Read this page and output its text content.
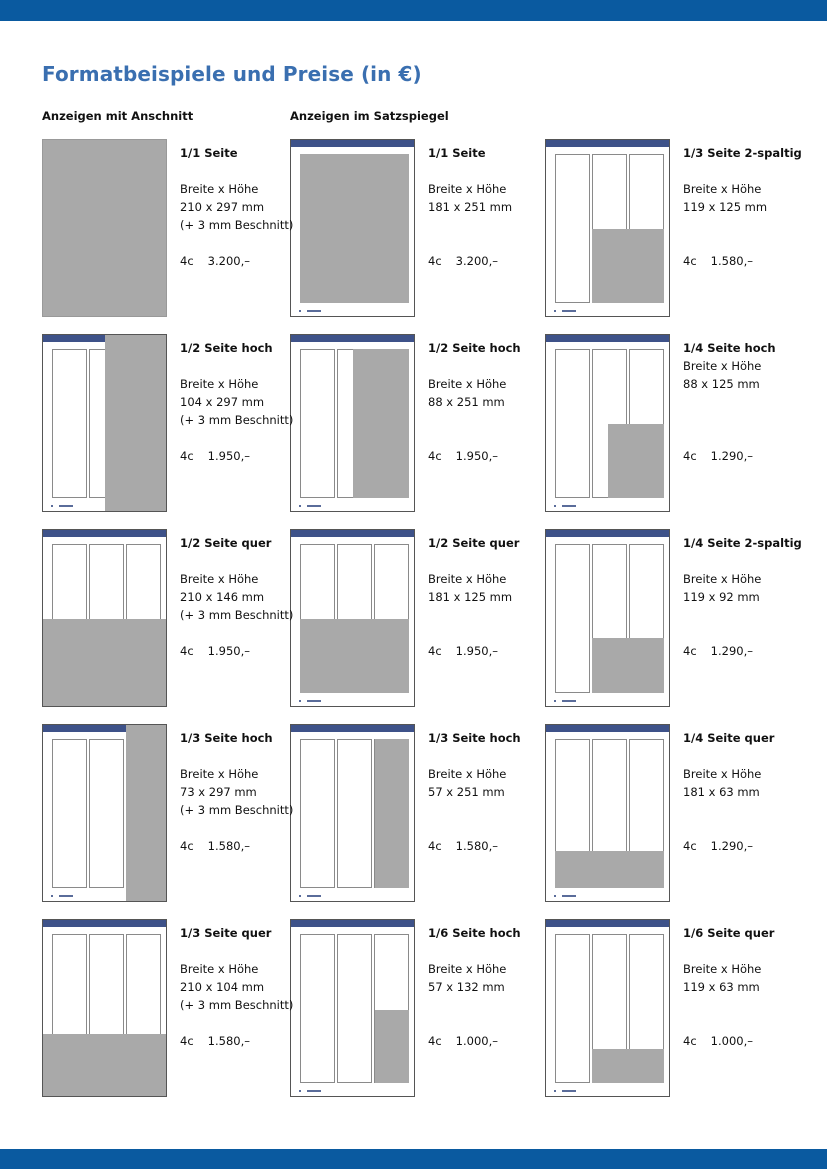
Formatbeispiele und Preise (in €)
Anzeigen mit Anschnitt	Anzeigen im Satzspiegel
1/1 Seite

Breite x Höhe
210 x 297 mm
(+ 3 mm Beschnitt)

4c 3.200,–
1/1 Seite

Breite x Höhe
181 x 251 mm

4c 3.200,–
1/3 Seite 2-spaltig

Breite x Höhe
119 x 125 mm

4c 1.580,–
1/2 Seite hoch

Breite x Höhe
104 x 297 mm
(+ 3 mm Beschnitt)

4c 1.950,–
1/2 Seite hoch

Breite x Höhe
88 x 251 mm

4c 1.950,–
1/4 Seite hoch
Breite x Höhe
88 x 125 mm

4c 1.290,–
1/2 Seite quer

Breite x Höhe
210 x 146 mm
(+ 3 mm Beschnitt)

4c 1.950,–
1/2 Seite quer

Breite x Höhe
181 x 125 mm

4c 1.950,–
1/4 Seite 2-spaltig

Breite x Höhe
119 x 92 mm

4c 1.290,–
1/3 Seite hoch

Breite x Höhe
73 x 297 mm
(+ 3 mm Beschnitt)

4c 1.580,–
1/3 Seite hoch

Breite x Höhe
57 x 251 mm

4c 1.580,–
1/4 Seite quer

Breite x Höhe
181 x 63 mm

4c 1.290,–
1/3 Seite quer

Breite x Höhe
210 x 104 mm
(+ 3 mm Beschnitt)

4c 1.580,–
1/6 Seite hoch

Breite x Höhe
57 x 132 mm

4c 1.000,–
1/6 Seite quer

Breite x Höhe
119 x 63 mm

4c 1.000,–
